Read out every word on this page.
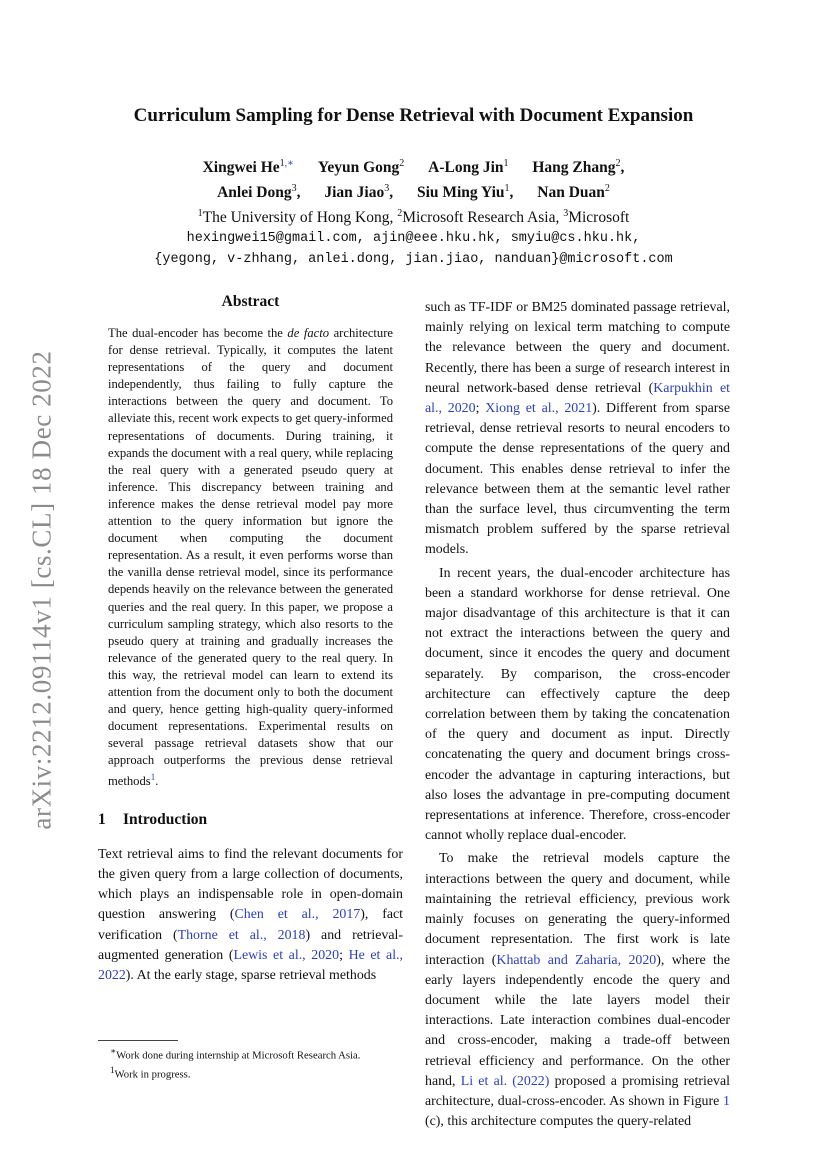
arXiv:2212.09114v1 [cs.CL] 18 Dec 2022
Curriculum Sampling for Dense Retrieval with Document Expansion
Xingwei He$^{1,∗}$ Yeyun Gong$^2$ A-Long Jin$^1$ Hang Zhang$^2$,
Anlei Dong$^3$, Jian Jiao$^3$, Siu Ming Yiu$^1$, Nan Duan$^2$
$^1$The University of Hong Kong, $^2$Microsoft Research Asia, $^3$Microsoft
hexingwei15@gmail.com, ajin@eee.hku.hk, smyiu@cs.hku.hk,
{yegong, v-zhhang, anlei.dong, jian.jiao, nanduan}@microsoft.com
Abstract
The dual-encoder has become the de facto architecture for dense retrieval. Typically, it computes the latent representations of the query and document independently, thus failing to fully capture the interactions between the query and document. To alleviate this, recent work expects to get query-informed representations of documents. During training, it expands the document with a real query, while replacing the real query with a generated pseudo query at inference. This discrepancy between training and inference makes the dense retrieval model pay more attention to the query information but ignore the document when computing the document representation. As a result, it even performs worse than the vanilla dense retrieval model, since its performance depends heavily on the relevance between the generated queries and the real query. In this paper, we propose a curriculum sampling strategy, which also resorts to the pseudo query at training and gradually increases the relevance of the generated query to the real query. In this way, the retrieval model can learn to extend its attention from the document only to both the document and query, hence getting high-quality query-informed document representations. Experimental results on several passage retrieval datasets show that our approach outperforms the previous dense retrieval methods$^1$.
1 Introduction

Text retrieval aims to find the relevant documents for the given query from a large collection of documents, which plays an indispensable role in open-domain question answering (Chen et al., 2017), fact verification (Thorne et al., 2018) and retrieval-augmented generation (Lewis et al., 2020; He et al., 2022). At the early stage, sparse retrieval methods

∗Work done during internship at Microsoft Research Asia.
$^1$Work in progress.

such as TF-IDF or BM25 dominated passage retrieval, mainly relying on lexical term matching to compute the relevance between the query and document. Recently, there has been a surge of research interest in neural network-based dense retrieval (Karpukhin et al., 2020; Xiong et al., 2021). Different from sparse retrieval, dense retrieval resorts to neural encoders to compute the dense representations of the query and document. This enables dense retrieval to infer the relevance between them at the semantic level rather than the surface level, thus circumventing the term mismatch problem suffered by the sparse retrieval models.

In recent years, the dual-encoder architecture has been a standard workhorse for dense retrieval. One major disadvantage of this architecture is that it can not extract the interactions between the query and document, since it encodes the query and document separately. By comparison, the cross-encoder architecture can effectively capture the deep correlation between them by taking the concatenation of the query and document as input. Directly concatenating the query and document brings cross-encoder the advantage in capturing interactions, but also loses the advantage in pre-computing document representations at inference. Therefore, cross-encoder cannot wholly replace dual-encoder.

To make the retrieval models capture the interactions between the query and document, while maintaining the retrieval efficiency, previous work mainly focuses on generating the query-informed document representation. The first work is late interaction (Khattab and Zaharia, 2020), where the early layers independently encode the query and document while the late layers model their interactions. Late interaction combines dual-encoder and cross-encoder, making a trade-off between retrieval efficiency and performance. On the other hand, Li et al. (2022) proposed a promising retrieval architecture, dual-cross-encoder. As shown in Figure 1 (c), this architecture computes the query-related
